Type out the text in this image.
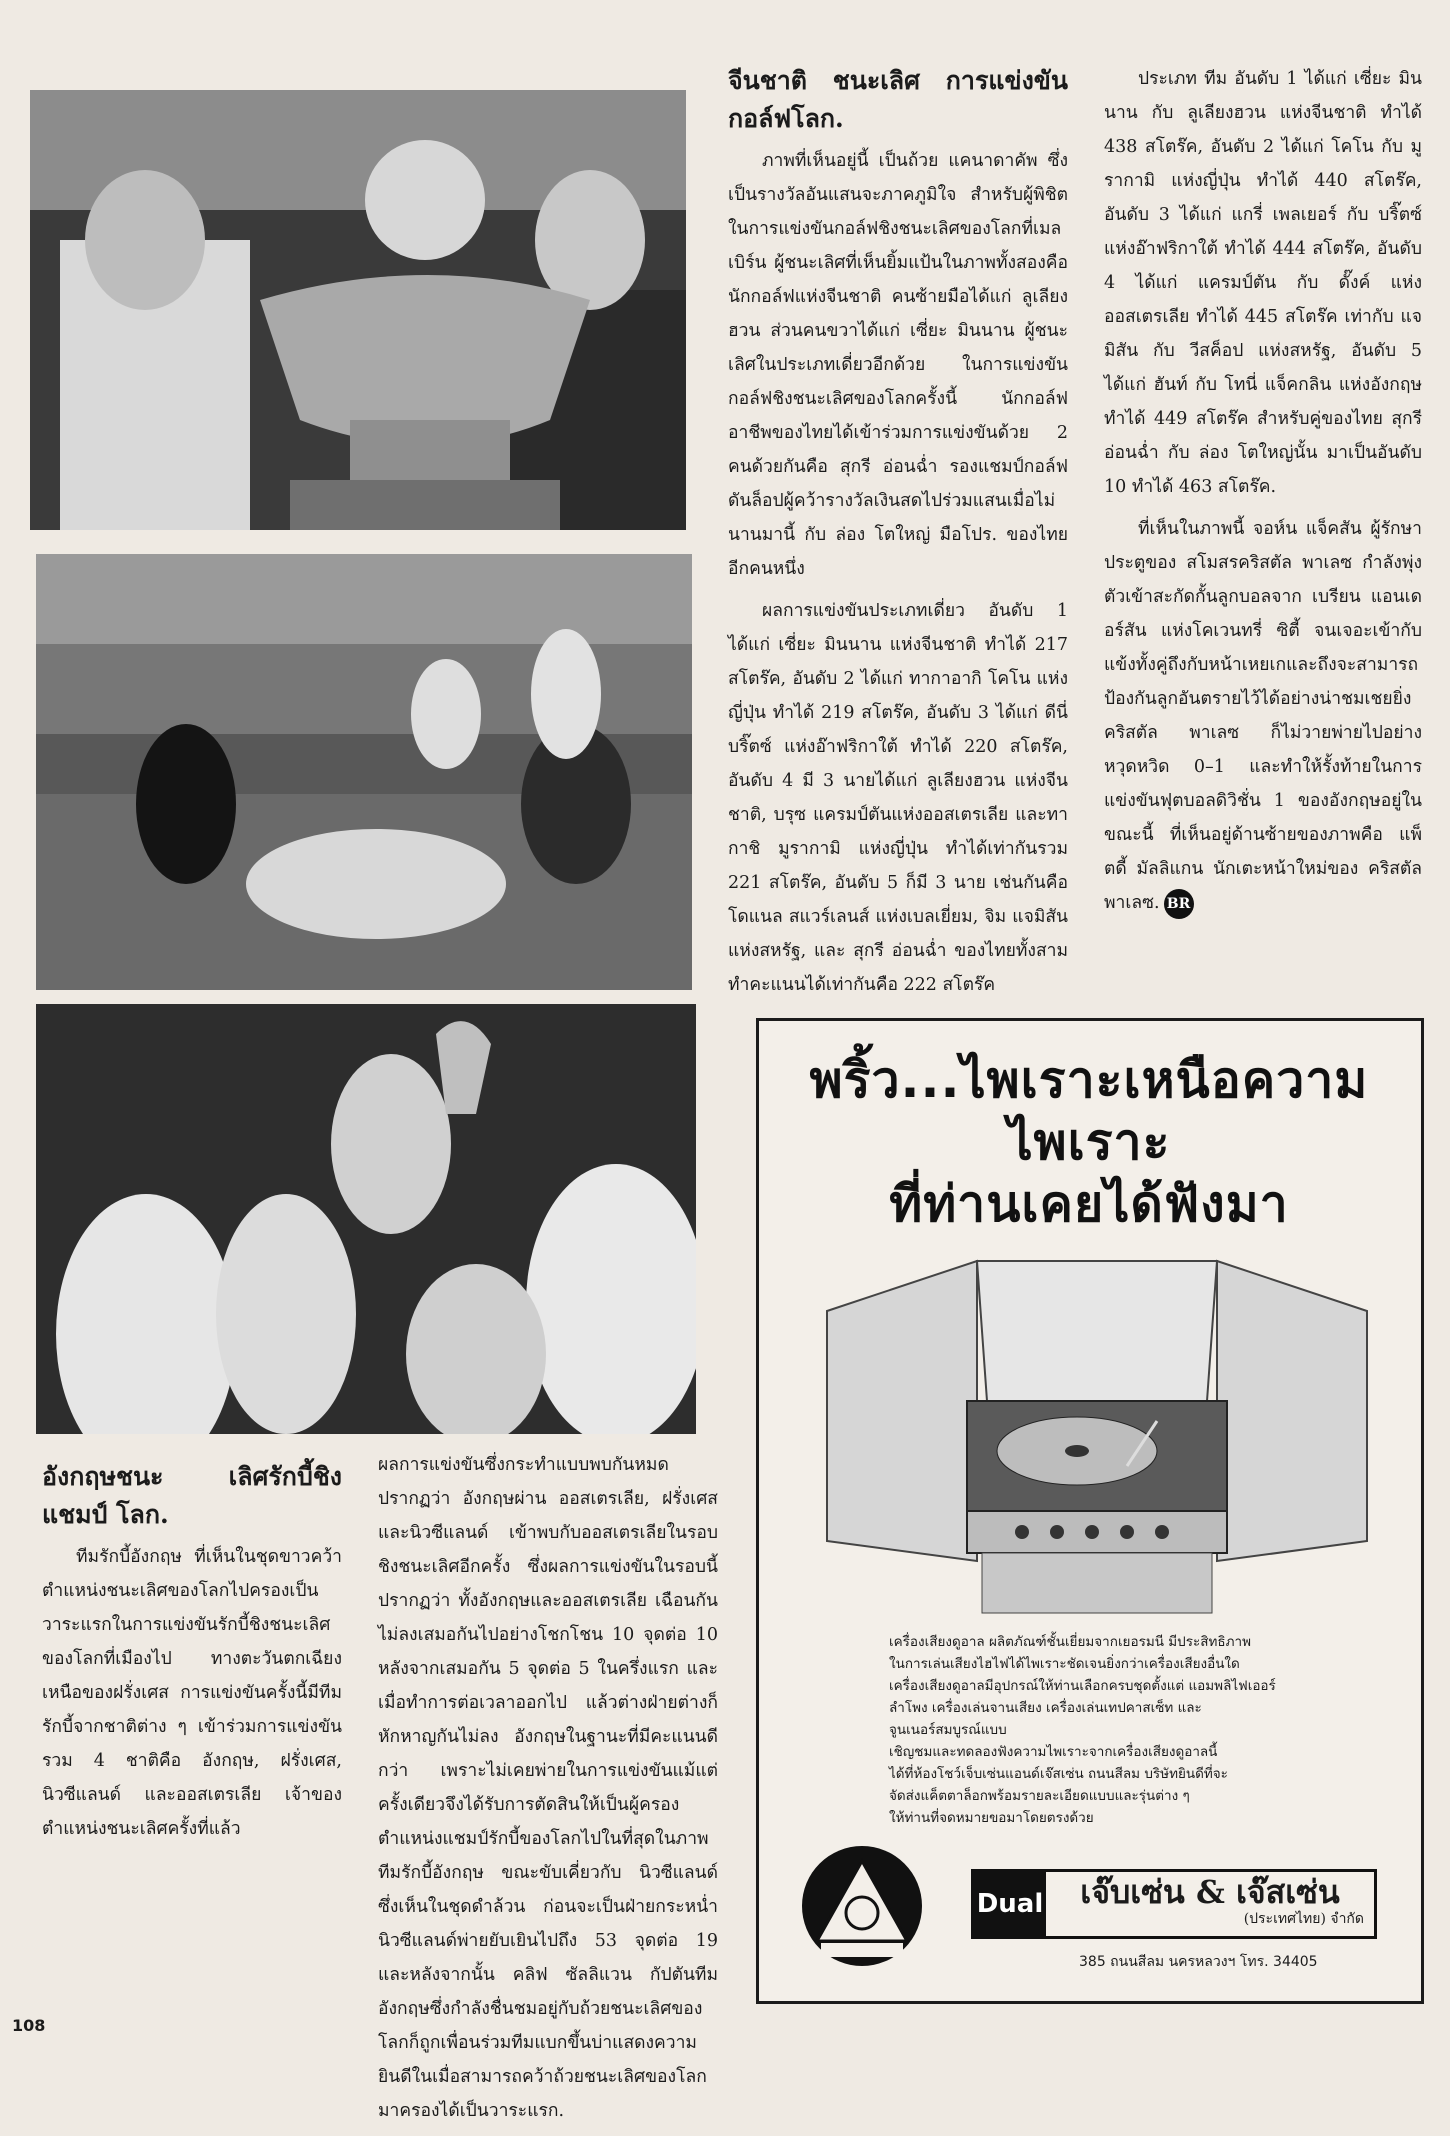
จีนชาติ ชนะเลิศ การแข่งขัน กอล์ฟโลก.

ภาพที่เห็นอยู่นี้ เป็นถ้วย แคนาดาคัพ ซึ่งเป็นรางวัลอันแสนจะภาคภูมิใจ สำหรับผู้พิชิตในการแข่งขันกอล์ฟชิงชนะเลิศของโลกที่เมลเบิร์น ผู้ชนะเลิศที่เห็นยิ้มแป้นในภาพทั้งสองคือนักกอล์ฟแห่งจีนชาติ คนซ้ายมือได้แก่ ลูเลียงฮวน ส่วนคนขวาได้แก่ เซี่ยะ มินนาน ผู้ชนะเลิศในประเภทเดี่ยวอีกด้วย ในการแข่งขันกอล์ฟชิงชนะเลิศของโลกครั้งนี้ นักกอล์ฟอาชีพของไทยได้เข้าร่วมการแข่งขันด้วย 2 คนด้วยกันคือ สุกรี อ่อนฉ่ำ รองแชมป์กอล์ฟดันล็อปผู้คว้ารางวัลเงินสดไปร่วมแสนเมื่อไม่นานมานี้ กับ ล่อง โตใหญ่ มือโปร. ของไทยอีกคนหนึ่ง

ผลการแข่งขันประเภทเดี่ยว อันดับ 1 ได้แก่ เซี่ยะ มินนาน แห่งจีนชาติ ทำได้ 217 สโตร๊ค, อันดับ 2 ได้แก่ ทากาอากิ โคโน แห่งญี่ปุ่น ทำได้ 219 สโตร๊ค, อันดับ 3 ได้แก่ ดีนี่ บริ๊ตซ์ แห่งอ๊าฟริกาใต้ ทำได้ 220 สโตร๊ค, อันดับ 4 มี 3 นายได้แก่ ลูเลียงฮวน แห่งจีนชาติ, บรุซ แครมป์ตันแห่งออสเตรเลีย และทากาชิ มูรากามิ แห่งญี่ปุ่น ทำได้เท่ากันรวม 221 สโตร๊ค, อันดับ 5 ก็มี 3 นาย เช่นกันคือ โดแนล สแวร์เลนส์ แห่งเบลเยี่ยม, จิม แจมิสัน แห่งสหรัฐ, และ สุกรี อ่อนฉ่ำ ของไทยทั้งสามทำคะแนนได้เท่ากันคือ 222 สโตร๊ค

ประเภท ทีม อันดับ 1 ได้แก่ เซี่ยะ มินนาน กับ ลูเลียงฮวน แห่งจีนชาติ ทำได้ 438 สโตร๊ค, อันดับ 2 ได้แก่ โคโน กับ มูรากามิ แห่งญี่ปุ่น ทำได้ 440 สโตร๊ค, อันดับ 3 ได้แก่ แกรี่ เพลเยอร์ กับ บริ๊ตซ์ แห่งอ๊าฟริกาใต้ ทำได้ 444 สโตร๊ค, อันดับ 4 ได้แก่ แครมป์ตัน กับ ดั๊งค์ แห่งออสเตรเลีย ทำได้ 445 สโตร๊ค เท่ากับ แจมิสัน กับ วีสค็อป แห่งสหรัฐ, อันดับ 5 ได้แก่ ฮันท์ กับ โทนี่ แจ็คกลิน แห่งอังกฤษ ทำได้ 449 สโตร๊ค สำหรับคู่ของไทย สุกรี อ่อนฉ่ำ กับ ล่อง โตใหญ่นั้น มาเป็นอันดับ 10 ทำได้ 463 สโตร๊ค.

ที่เห็นในภาพนี้ จอห์น แจ็คสัน ผู้รักษาประตูของ สโมสรคริสตัล พาเลซ กำลังพุ่งตัวเข้าสะกัดกั้นลูกบอลจาก เบรียน แอนเดอร์สัน แห่งโคเวนทรี่ ซิตี้ จนเจอะเข้ากับแข้งทั้งคู่ถึงกับหน้าเหยเกและถึงจะสามารถป้องกันลูกอันตรายไว้ได้อย่างน่าชมเชยยิ่ง คริสตัล พาเลซ ก็ไม่วายพ่ายไปอย่างหวุดหวิด 0–1 และทำให้รั้งท้ายในการแข่งขันฟุตบอลดิวิชั่น 1 ของอังกฤษอยู่ในขณะนี้ ที่เห็นอยู่ด้านซ้ายของภาพคือ แพ็ตดี้ มัลลิแกน นักเตะหน้าใหม่ของ คริสตัล พาเลซ. BR

อังกฤษชนะ เลิศรักบี้ชิงแชมป์ โลก.

ทีมรักบี้อังกฤษ ที่เห็นในชุดขาวคว้าตำแหน่งชนะเลิศของโลกไปครองเป็นวาระแรกในการแข่งขันรักบี้ชิงชนะเลิศของโลกที่เมืองไป ทางตะวันตกเฉียงเหนือของฝรั่งเศส การแข่งขันครั้งนี้มีทีมรักบี้จากชาติต่าง ๆ เข้าร่วมการแข่งขันรวม 4 ชาติคือ อังกฤษ, ฝรั่งเศส, นิวซีแลนด์ และออสเตรเลีย เจ้าของตำแหน่งชนะเลิศครั้งที่แล้ว

ผลการแข่งขันซึ่งกระทำแบบพบกันหมดปรากฏว่า อังกฤษผ่าน ออสเตรเลีย, ฝรั่งเศส และนิวซีแลนด์ เข้าพบกับออสเตรเลียในรอบชิงชนะเลิศอีกครั้ง ซึ่งผลการแข่งขันในรอบนี้ปรากฏว่า ทั้งอังกฤษและออสเตรเลีย เฉือนกันไม่ลงเสมอกันไปอย่างโชกโชน 10 จุดต่อ 10 หลังจากเสมอกัน 5 จุดต่อ 5 ในครึ่งแรก และเมื่อทำการต่อเวลาออกไป แล้วต่างฝ่ายต่างก็หักหาญกันไม่ลง อังกฤษในฐานะที่มีคะแนนดีกว่า เพราะไม่เคยพ่ายในการแข่งขันแม้แต่ครั้งเดียวจึงได้รับการตัดสินให้เป็นผู้ครองตำแหน่งแชมป์รักบี้ของโลกไปในที่สุดในภาพ ทีมรักบี้อังกฤษ ขณะขับเคี่ยวกับ นิวซีแลนด์ ซึ่งเห็นในชุดดำล้วน ก่อนจะเป็นฝ่ายกระหน่ำนิวซีแลนด์พ่ายยับเยินไปถึง 53 จุดต่อ 19 และหลังจากนั้น คลิฟ ซัลลิแวน กัปตันทีม อังกฤษซึ่งกำลังชื่นชมอยู่กับถ้วยชนะเลิศของโลกก็ถูกเพื่อนร่วมทีมแบกขึ้นบ่าแสดงความยินดีในเมื่อสามารถคว้าถ้วยชนะเลิศของโลกมาครองได้เป็นวาระแรก.

พริ้ว...ไพเราะเหนือความไพเราะ
ที่ท่านเคยได้ฟังมา
เครื่องเสียงดูอาล ผลิตภัณฑ์ชั้นเยี่ยมจากเยอรมนี มีประสิทธิภาพ
ในการเล่นเสียงไฮไฟได้ไพเราะชัดเจนยิ่งกว่าเครื่องเสียงอื่นใด
เครื่องเสียงดูอาลมีอุปกรณ์ให้ท่านเลือกครบชุดตั้งแต่ แอมพลิไฟเออร์
ลำโพง เครื่องเล่นจานเสียง เครื่องเล่นเทปคาสเซ็ท และ
จูนเนอร์สมบูรณ์แบบ
เชิญชมและทดลองฟังความไพเราะจากเครื่องเสียงดูอาลนี้
ได้ที่ห้องโชว์เจ็บเซ่นแอนด์เจ๊สเซ่น ถนนสีลม บริษัทยินดีที่จะ
จัดส่งแค็ตตาล็อกพร้อมรายละเอียดแบบและรุ่นต่าง ๆ
ให้ท่านที่จดหมายขอมาโดยตรงด้วย
Dual	เจ๊บเซ่น & เจ๊สเซ่น
(ประเทศไทย) จำกัด
385 ถนนสีลม นครหลวงฯ โทร. 34405
108
